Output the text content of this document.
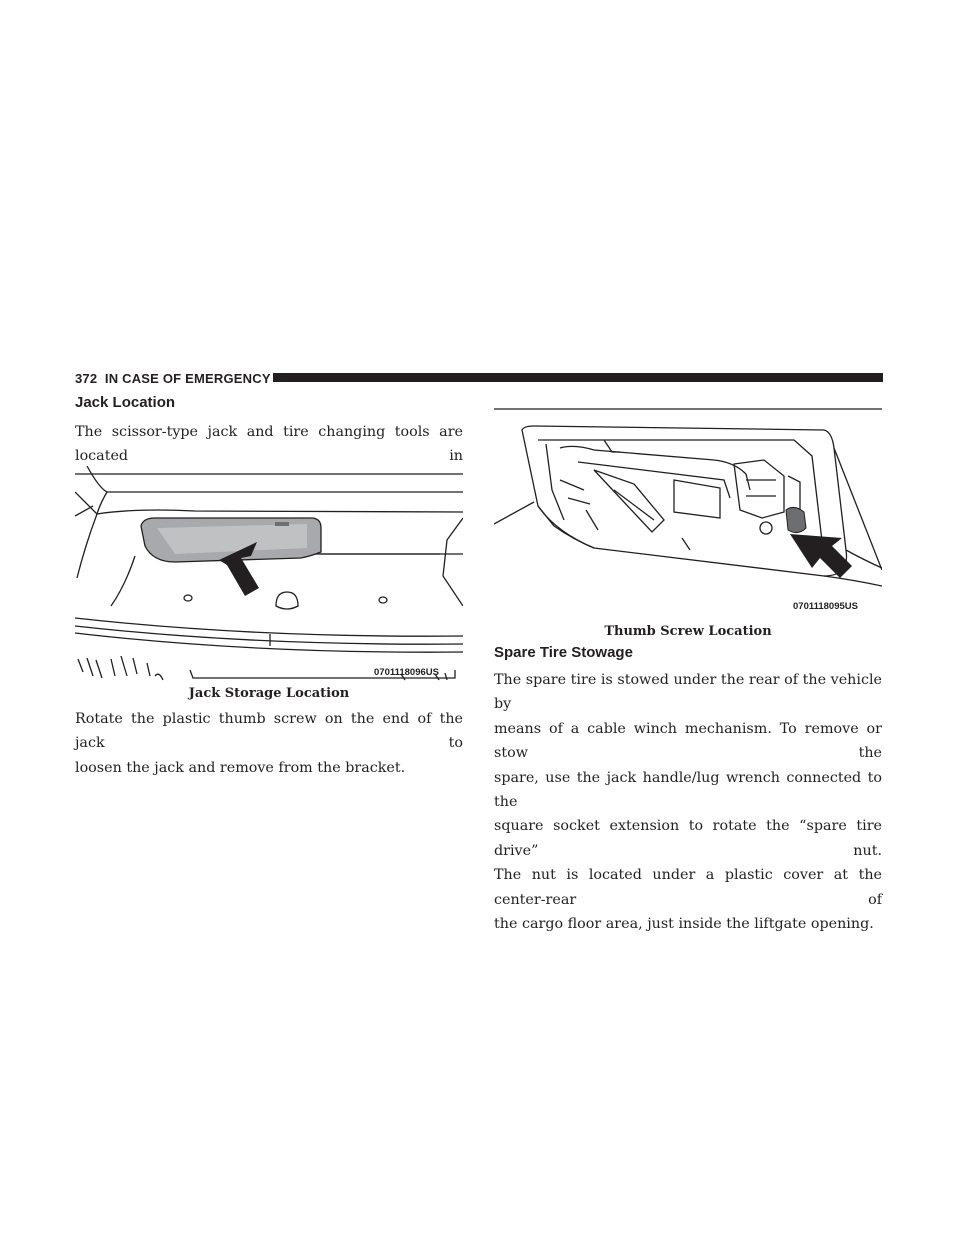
372 IN CASE OF EMERGENCY
Jack Location
The scissor-type jack and tire changing tools are located in
0701118096US
Jack Storage Location
Rotate the plastic thumb screw on the end of the jack to
loosen the jack and remove from the bracket.
0701118095US
Thumb Screw Location
Spare Tire Stowage
The spare tire is stowed under the rear of the vehicle by
means of a cable winch mechanism. To remove or stow the
spare, use the jack handle/lug wrench connected to the
square socket extension to rotate the “spare tire drive” nut.
The nut is located under a plastic cover at the center-rear of
the cargo floor area, just inside the liftgate opening.
